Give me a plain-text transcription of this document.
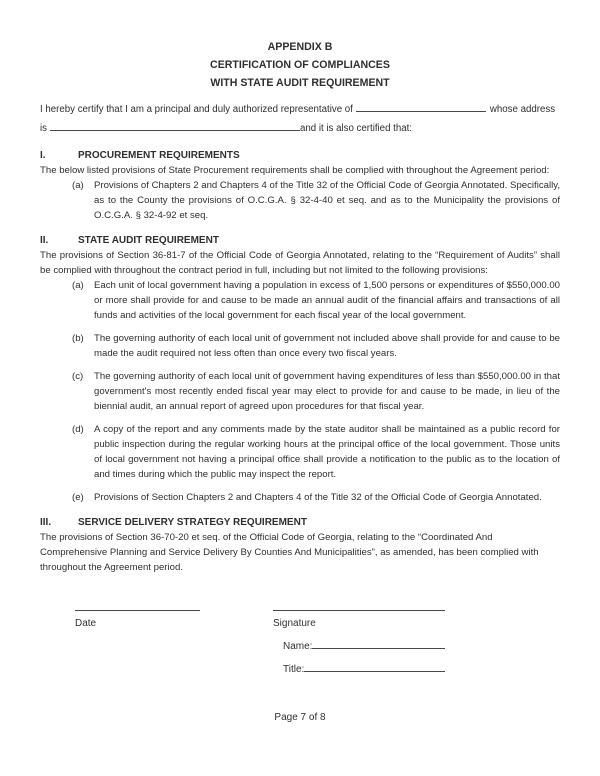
APPENDIX B
CERTIFICATION OF COMPLIANCES
WITH STATE AUDIT REQUIREMENT
I hereby certify that I am a principal and duly authorized representative of	whose address
is	and it is also certified that:
I.	PROCUREMENT REQUIREMENTS
The below listed provisions of State Procurement requirements shall be complied with throughout the Agreement period:
(a)	Provisions of Chapters 2 and Chapters 4 of the Title 32 of the Official Code of Georgia Annotated. Specifically, as to the County the provisions of O.C.G.A. § 32-4-40 et seq. and as to the Municipality the provisions of O.C.G.A. § 32-4-92 et seq.
II.	STATE AUDIT REQUIREMENT
The provisions of Section 36-81-7 of the Official Code of Georgia Annotated, relating to the “Requirement of Audits” shall be complied with throughout the contract period in full, including but not limited to the following provisions:
(a)	Each unit of local government having a population in excess of 1,500 persons or expenditures of $550,000.00 or more shall provide for and cause to be made an annual audit of the financial affairs and transactions of all funds and activities of the local government for each fiscal year of the local government.
(b)	The governing authority of each local unit of government not included above shall provide for and cause to be made the audit required not less often than once every two fiscal years.
(c)	The governing authority of each local unit of government having expenditures of less than $550,000.00 in that government's most recently ended fiscal year may elect to provide for and cause to be made, in lieu of the biennial audit, an annual report of agreed upon procedures for that fiscal year.
(d)	A copy of the report and any comments made by the state auditor shall be maintained as a public record for public inspection during the regular working hours at the principal office of the local government. Those units of local government not having a principal office shall provide a notification to the public as to the location of and times during which the public may inspect the report.
(e)	Provisions of Section Chapters 2 and Chapters 4 of the Title 32 of the Official Code of Georgia Annotated.
III.	SERVICE DELIVERY STRATEGY REQUIREMENT
The provisions of Section 36-70-20 et seq. of the Official Code of Georgia, relating to the “Coordinated And Comprehensive Planning and Service Delivery By Counties And Municipalities”, as amended, has been complied with throughout the Agreement period.
Date	Signature
Name:
Title:
Page 7 of 8
